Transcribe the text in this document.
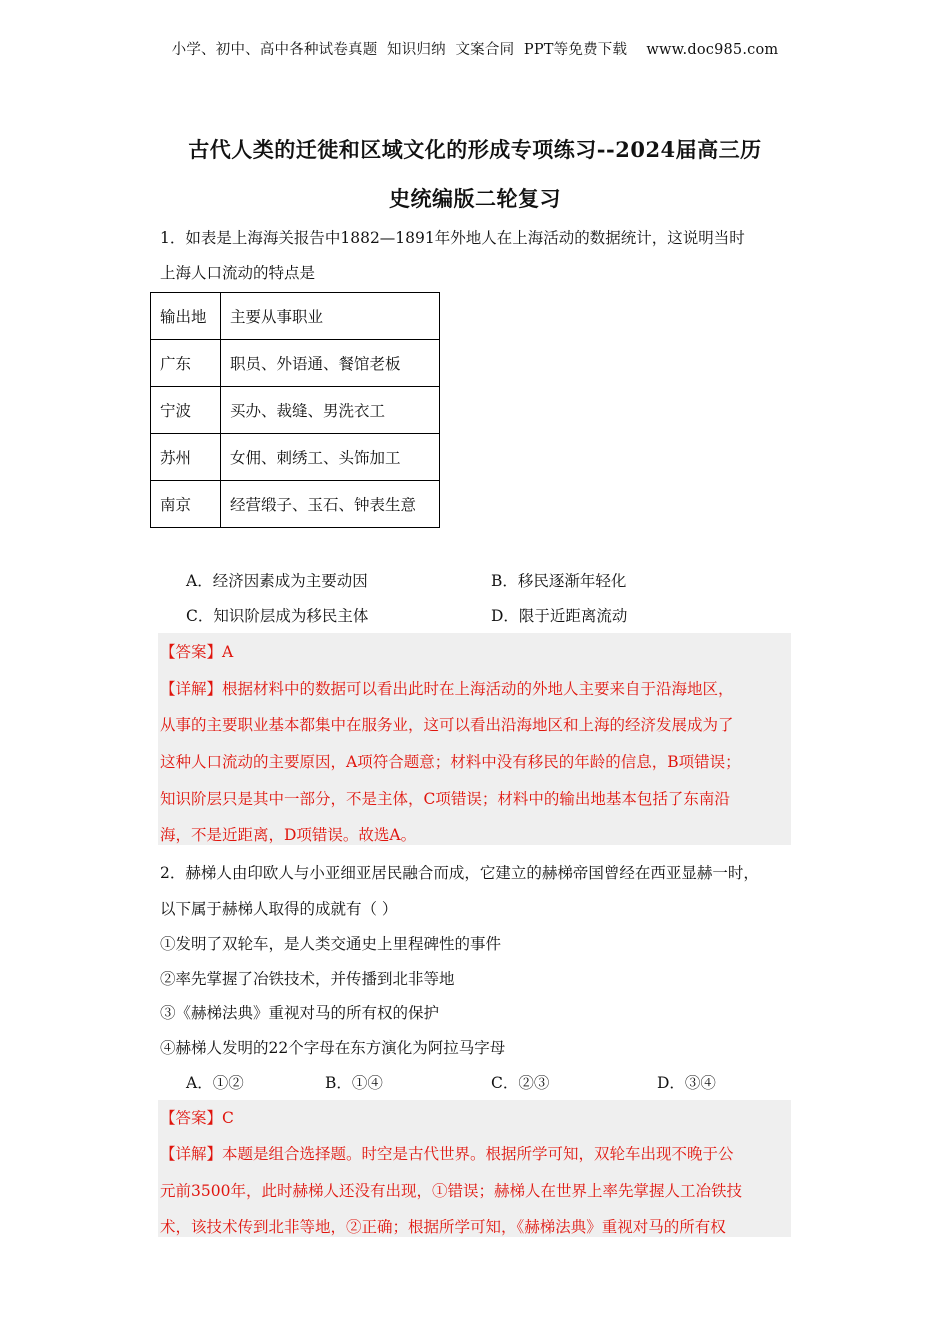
小学、初中、高中各种试卷真题  知识归纳  文案合同  PPT等免费下载    www.doc985.com
古代人类的迁徙和区域文化的形成专项练习--2024届高三历
史统编版二轮复习
1．如表是上海海关报告中1882—1891年外地人在上海活动的数据统计，这说明当时
上海人口流动的特点是
输出地	主要从事职业
广东	职员、外语通、餐馆老板
宁波	买办、裁缝、男洗衣工
苏州	女佣、刺绣工、头饰加工
南京	经营缎子、玉石、钟表生意
A．经济因素成为主要动因	B．移民逐渐年轻化
C．知识阶层成为移民主体	D．限于近距离流动
【答案】A
【详解】根据材料中的数据可以看出此时在上海活动的外地人主要来自于沿海地区，
从事的主要职业基本都集中在服务业，这可以看出沿海地区和上海的经济发展成为了
这种人口流动的主要原因，A项符合题意；材料中没有移民的年龄的信息，B项错误；
知识阶层只是其中一部分，不是主体，C项错误；材料中的输出地基本包括了东南沿
海，不是近距离，D项错误。故选A。
2．赫梯人由印欧人与小亚细亚居民融合而成，它建立的赫梯帝国曾经在西亚显赫一时，
以下属于赫梯人取得的成就有（ ）
①发明了双轮车，是人类交通史上里程碑性的事件
②率先掌握了冶铁技术，并传播到北非等地
③《赫梯法典》重视对马的所有权的保护
④赫梯人发明的22个字母在东方演化为阿拉马字母
A．①②	B．①④	C．②③	D．③④
【答案】C
【详解】本题是组合选择题。时空是古代世界。根据所学可知，双轮车出现不晚于公
元前3500年，此时赫梯人还没有出现，①错误；赫梯人在世界上率先掌握人工冶铁技
术，该技术传到北非等地，②正确；根据所学可知，《赫梯法典》重视对马的所有权
